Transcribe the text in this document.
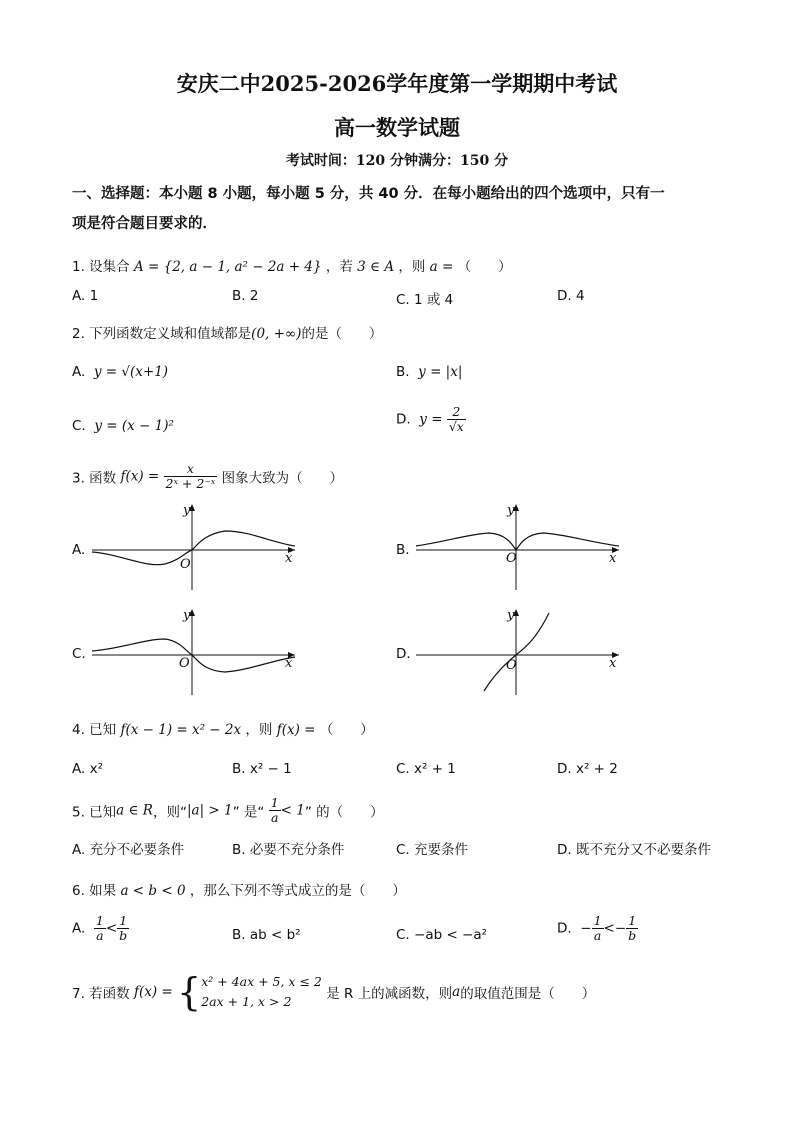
安庆二中2025-2026学年度第一学期期中考试
高一数学试题
考试时间：120 分钟满分：150 分
一、选择题：本小题 8 小题，每小题 5 分，共 40 分．在每小题给出的四个选项中，只有一
项是符合题目要求的．
1. 设集合 A = {2, a − 1, a² − 2a + 4} ，若 3 ∈ A ，则 a = （　　）
A. 1	B. 2	C. 1 或 4	D. 4
2. 下列函数定义域和值域都是(0, +∞)的是（　　）
A. y = √(x+1)	B. y = |x|
C. y = (x − 1)²	D. $y = \frac{2}{√x}$
3. 函数 $f(x) = \frac{x}{\text{2ˣ + 2⁻ˣ}}$ 图象大致为（　　）
A.	B.
C.	D.
x
y
O	x
y
O
x
y
O	x
y
O
4. 已知 f(x − 1) = x² − 2x ，则 f(x) = （　　）
A. x²	B. x² − 1	C. x² + 1	D. x² + 2
5. 已知a ∈ R，则“|a| > 1” 是“ $\frac{1}{a} < 1$” 的（　　）
A. 充分不必要条件	B. 必要不充分条件	C. 充要条件	D. 既不充分又不必要条件
6. 如果 a < b < 0 ，那么下列不等式成立的是（　　）
A. $\frac{1}{a} < \frac{1}{b}$	B. ab < b²	C. −ab < −a²	D. − $\frac{1}{a} <- \frac{1}{b}$
7. 若函数 f(x) = { x² + 4ax + 5, x ≤ 2
2ax + 1, x > 2	是 R 上的减函数，则a的取值范围是（　　）
